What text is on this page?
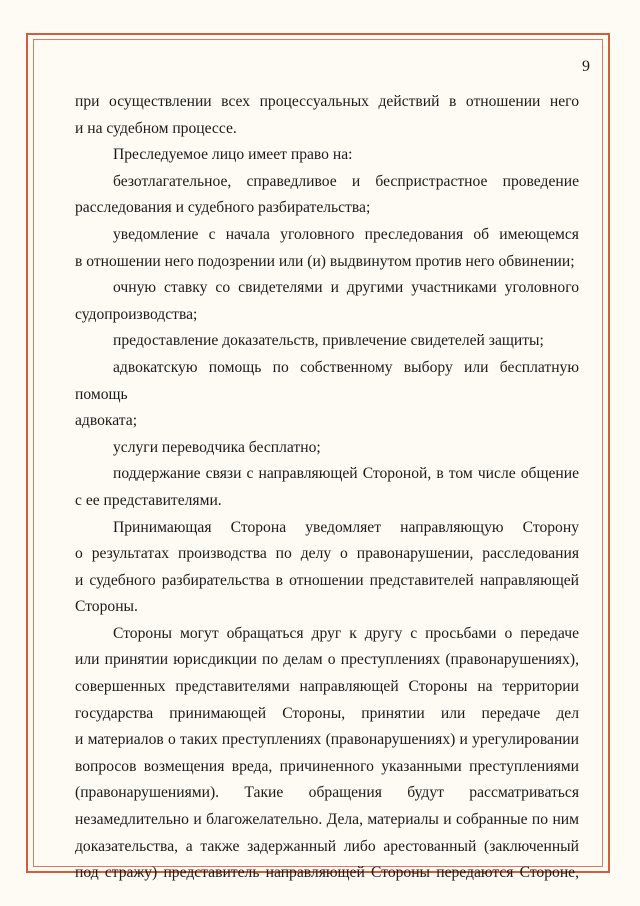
9

при осуществлении всех процессуальных действий в отношении него

и на судебном процессе.

Преследуемое лицо имеет право на:

безотлагательное, справедливое и беспристрастное проведение

расследования и судебного разбирательства;

уведомление с начала уголовного преследования об имеющемся

в отношении него подозрении или (и) выдвинутом против него обвинении;

очную ставку со свидетелями и другими участниками уголовного

судопроизводства;

предоставление доказательств, привлечение свидетелей защиты;

адвокатскую помощь по собственному выбору или бесплатную помощь

адвоката;

услуги переводчика бесплатно;

поддержание связи с направляющей Стороной, в том числе общение

с ее представителями.

Принимающая Сторона уведомляет направляющую Сторону

о результатах производства по делу о правонарушении, расследования

и судебного разбирательства в отношении представителей направляющей

Стороны.

Стороны могут обращаться друг к другу с просьбами о передаче

или принятии юрисдикции по делам о преступлениях (правонарушениях),

совершенных представителями направляющей Стороны на территории

государства принимающей Стороны, принятии или передаче дел

и материалов о таких преступлениях (правонарушениях) и урегулировании

вопросов возмещения вреда, причиненного указанными преступлениями

(правонарушениями). Такие обращения будут рассматриваться

незамедлительно и благожелательно. Дела, материалы и собранные по ним

доказательства, а также задержанный либо арестованный (заключенный

под стражу) представитель направляющей Стороны передаются Стороне,
